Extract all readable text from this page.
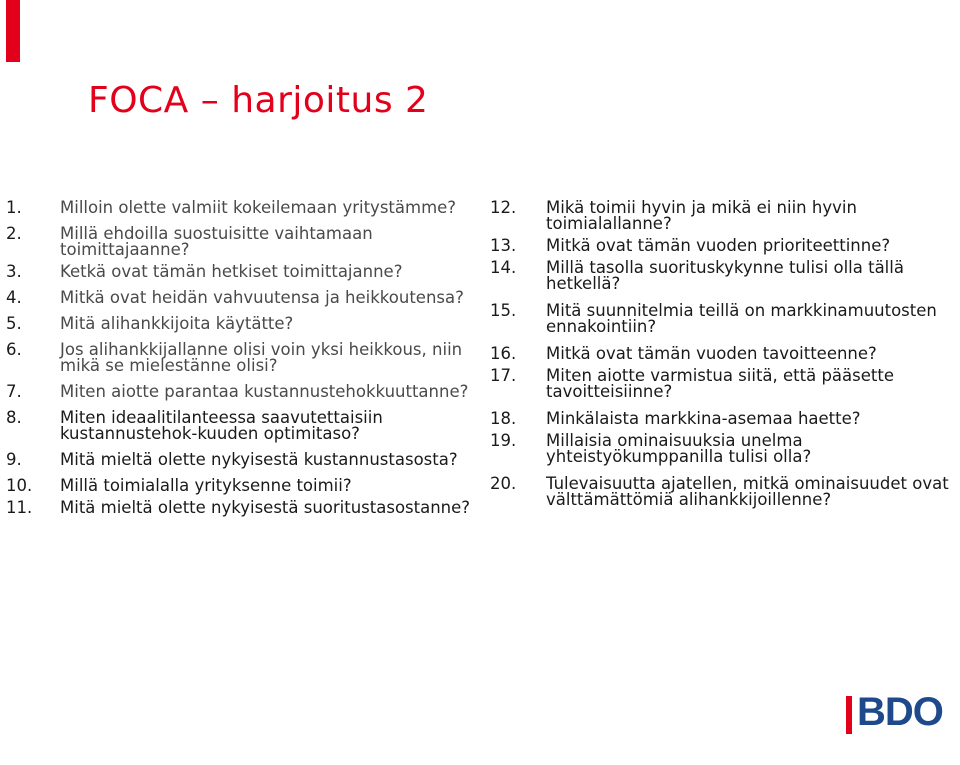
FOCA – harjoitus 2
1.	Milloin olette valmiit kokeilemaan yritystämme?
2.	Millä ehdoilla suostuisitte vaihtamaan toimittajaanne?
3.	Ketkä ovat tämän hetkiset toimittajanne?
4.	Mitkä ovat heidän vahvuutensa ja heikkoutensa?
5.	Mitä alihankkijoita käytätte?
6.	Jos alihankkijallanne olisi voin yksi heikkous, niin mikä se mielestänne olisi?
7.	Miten aiotte parantaa kustannustehokkuuttanne?
8.	Miten ideaalitilanteessa saavutettaisiin kustannustehok-kuuden optimitaso?
9.	Mitä mieltä olette nykyisestä kustannustasosta?
10.	Millä toimialalla yrityksenne toimii?
11.	Mitä mieltä olette nykyisestä suoritustasostanne?
12.	Mikä toimii hyvin ja mikä ei niin hyvin toimialallanne?
13.	Mitkä ovat tämän vuoden prioriteettinne?
14.	Millä tasolla suorituskykynne tulisi olla tällä hetkellä?
15.	Mitä suunnitelmia teillä on markkinamuutosten ennakointiin?
16.	Mitkä ovat tämän vuoden tavoitteenne?
17.	Miten aiotte varmistua siitä, että pääsette tavoitteisiinne?
18.	Minkälaista markkina-asemaa haette?
19.	Millaisia ominaisuuksia unelma yhteistyökumppanilla tulisi olla?
20.	Tulevaisuutta ajatellen, mitkä ominaisuudet ovat välttämättömiä alihankkijoillenne?
BDO
